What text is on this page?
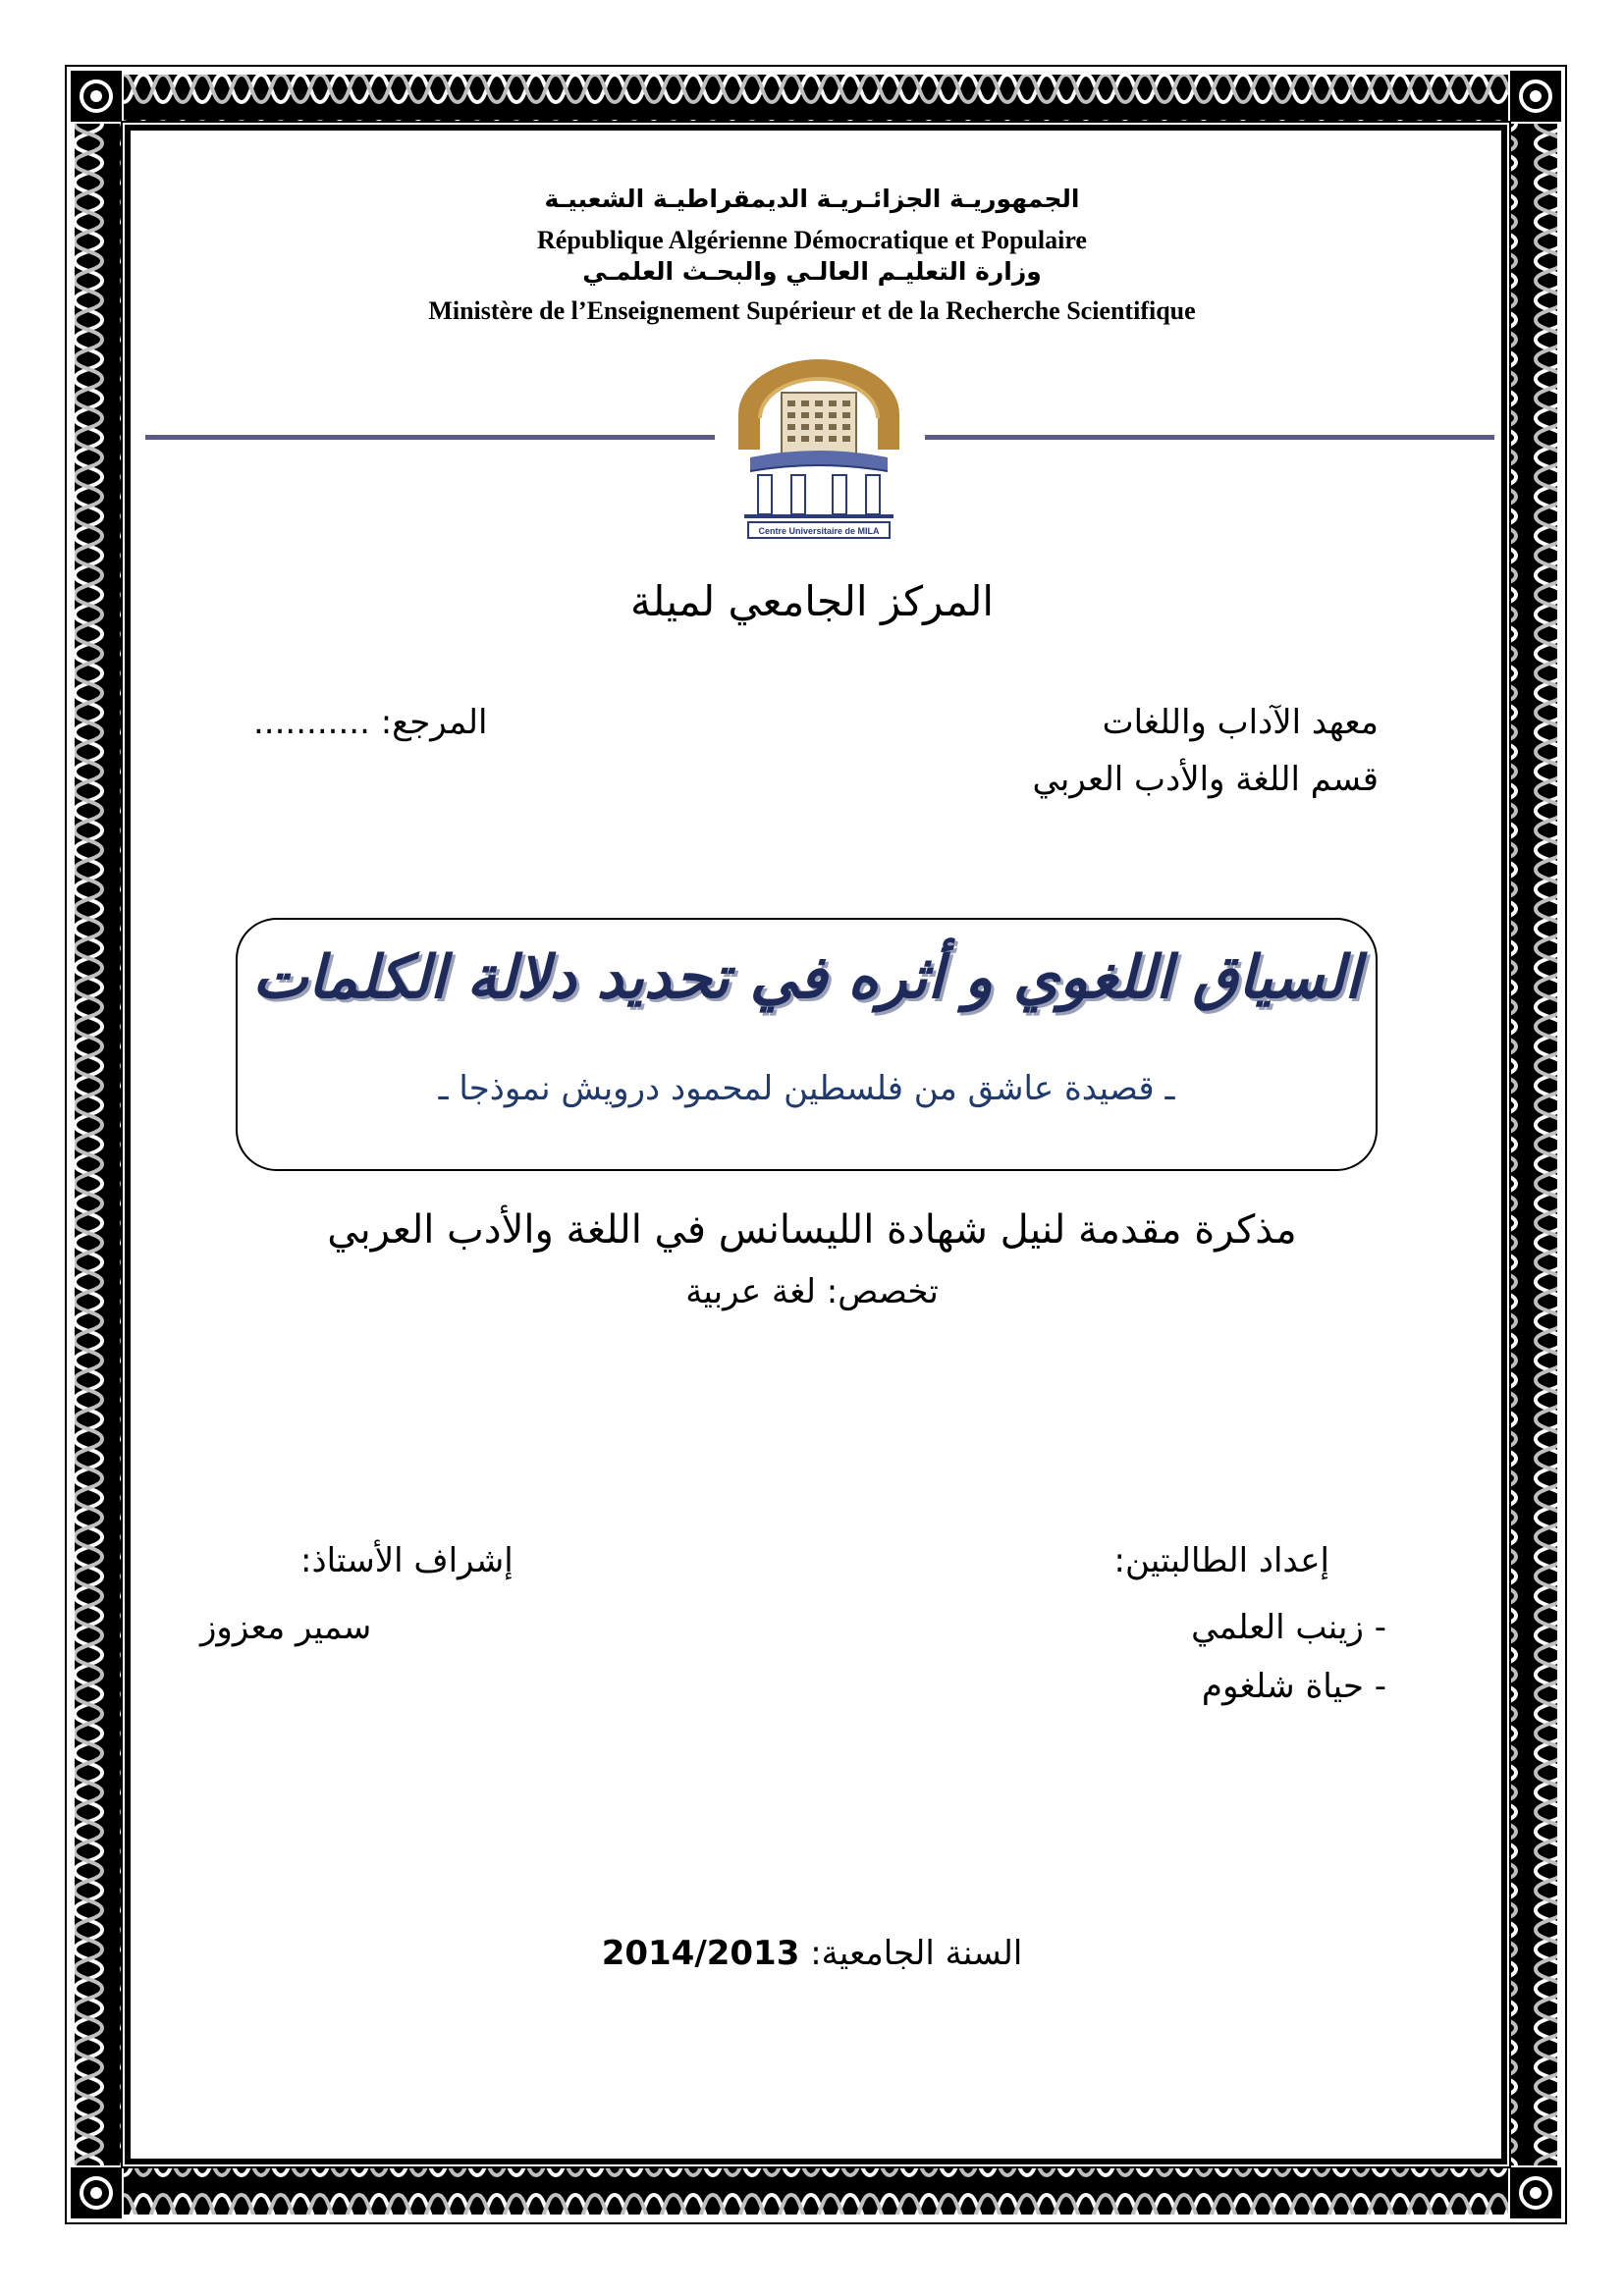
الجمهوريـة الجزائـريـة الديمقراطيـة الشعبيـة
République Algérienne Démocratique et Populaire
وزارة التعليـم العالـي والبحـث العلمـي
Ministère de l’Enseignement Supérieur et de la Recherche Scientifique
Centre Universitaire de MILA
المركز الجامعي لميلة
معهد الآداب واللغات
قسم اللغة والأدب العربي
المرجع: ...........
السياق اللغوي و أثره في تحديد دلالة الكلمات
ـ قصيدة عاشق من فلسطين لمحمود درويش نموذجا ـ
مذكرة مقدمة لنيل شهادة الليسانس في اللغة والأدب العربي
تخصص: لغة عربية
إعداد الطالبتين:
- زينب العلمي
- حياة شلغوم
إشراف الأستاذ:
سمير معزوز
السنة الجامعية: 2014/2013
